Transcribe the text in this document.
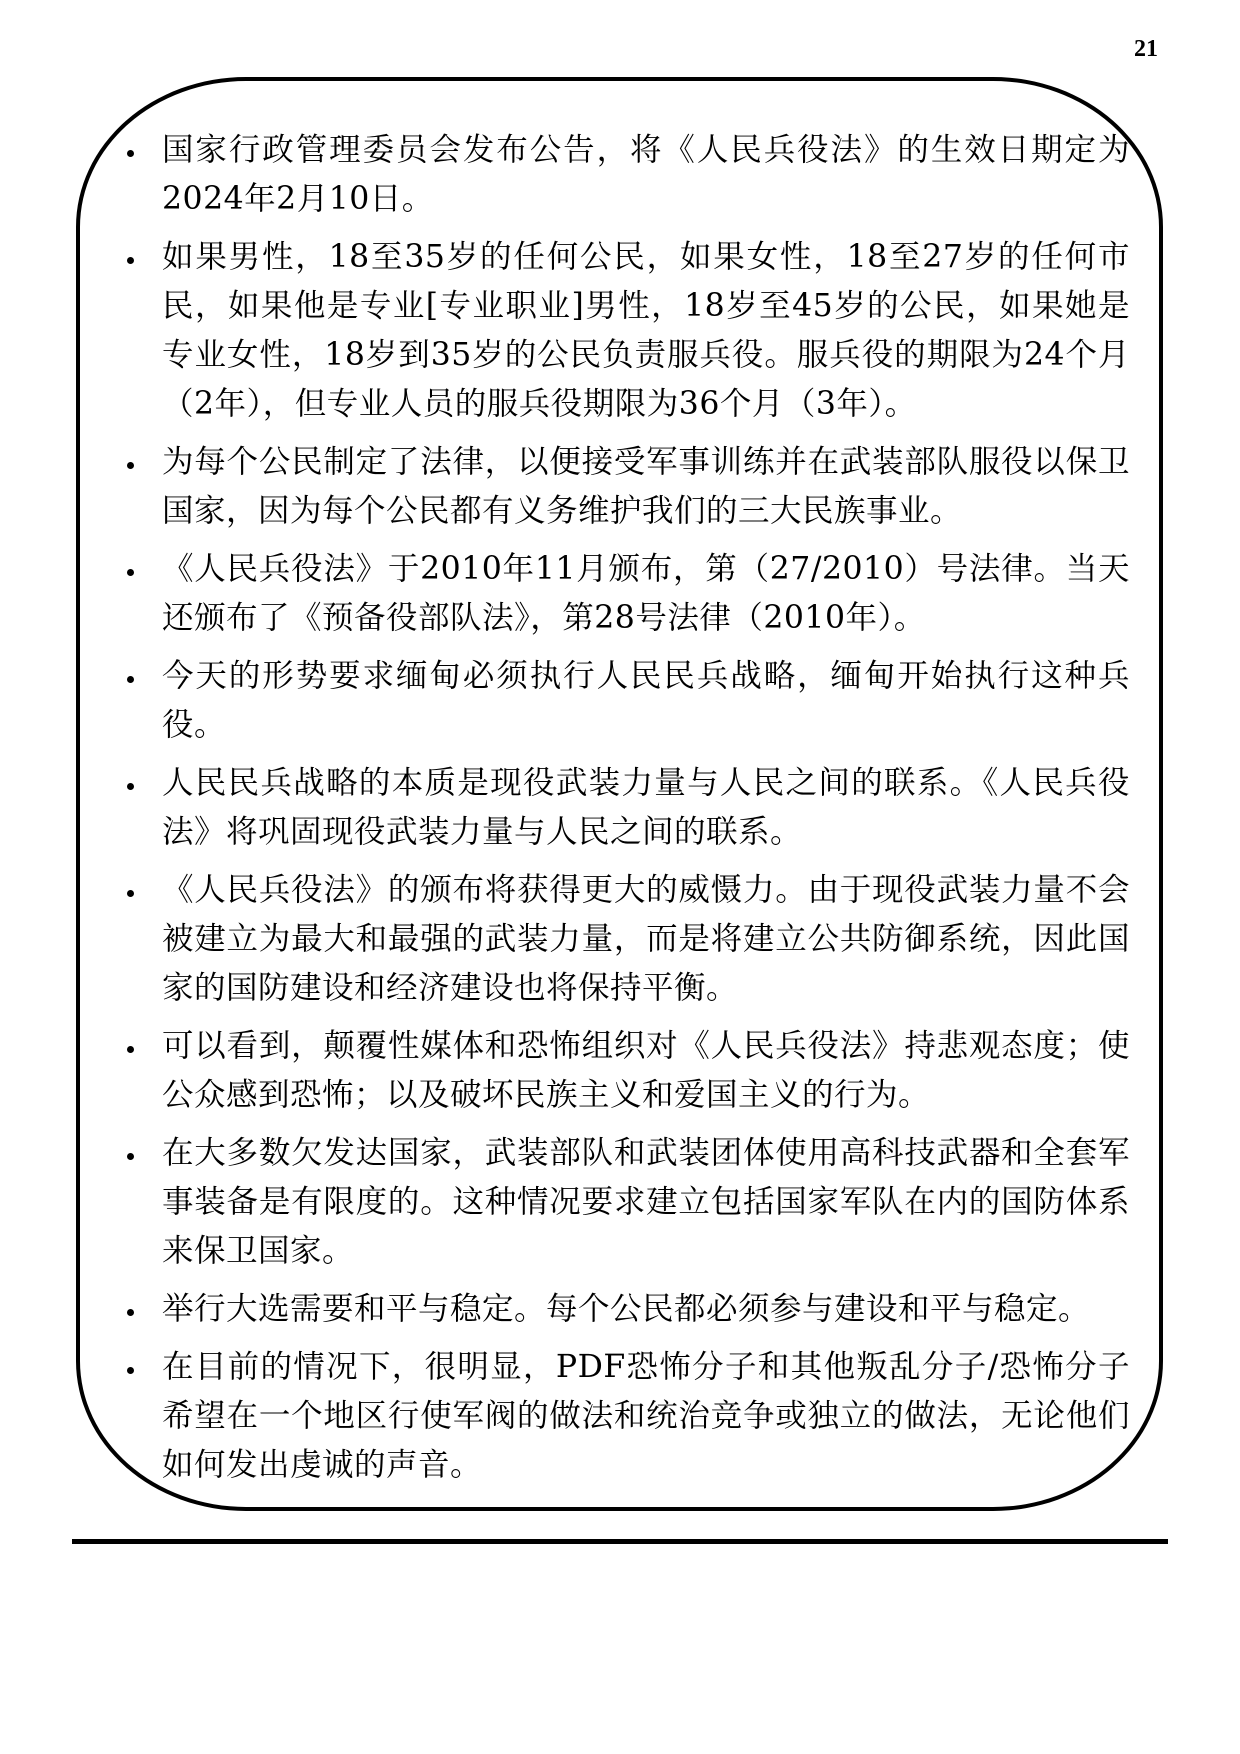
21
国家行政管理委员会发布公告，将《人民兵役法》的生效日期定为2024年2月10日。
如果男性，18至35岁的任何公民，如果女性，18至27岁的任何市民，如果他是专业[专业职业]男性，18岁至45岁的公民，如果她是专业女性，18岁到35岁的公民负责服兵役。服兵役的期限为24个月（2年），但专业人员的服兵役期限为36个月（3年）。
为每个公民制定了法律，以便接受军事训练并在武装部队服役以保卫国家，因为每个公民都有义务维护我们的三大民族事业。
《人民兵役法》于2010年11月颁布，第（27/2010）号法律。当天还颁布了《预备役部队法》，第28号法律（2010年）。
今天的形势要求缅甸必须执行人民民兵战略，缅甸开始执行这种兵役。
人民民兵战略的本质是现役武装力量与人民之间的联系。《人民兵役法》将巩固现役武装力量与人民之间的联系。
《人民兵役法》的颁布将获得更大的威慑力。由于现役武装力量不会被建立为最大和最强的武装力量，而是将建立公共防御系统，因此国家的国防建设和经济建设也将保持平衡。
可以看到，颠覆性媒体和恐怖组织对《人民兵役法》持悲观态度；使公众感到恐怖；以及破坏民族主义和爱国主义的行为。
在大多数欠发达国家，武装部队和武装团体使用高科技武器和全套军事装备是有限度的。这种情况要求建立包括国家军队在内的国防体系来保卫国家。
举行大选需要和平与稳定。每个公民都必须参与建设和平与稳定。
在目前的情况下，很明显，PDF恐怖分子和其他叛乱分子/恐怖分子希望在一个地区行使军阀的做法和统治竞争或独立的做法，无论他们如何发出虔诚的声音。
